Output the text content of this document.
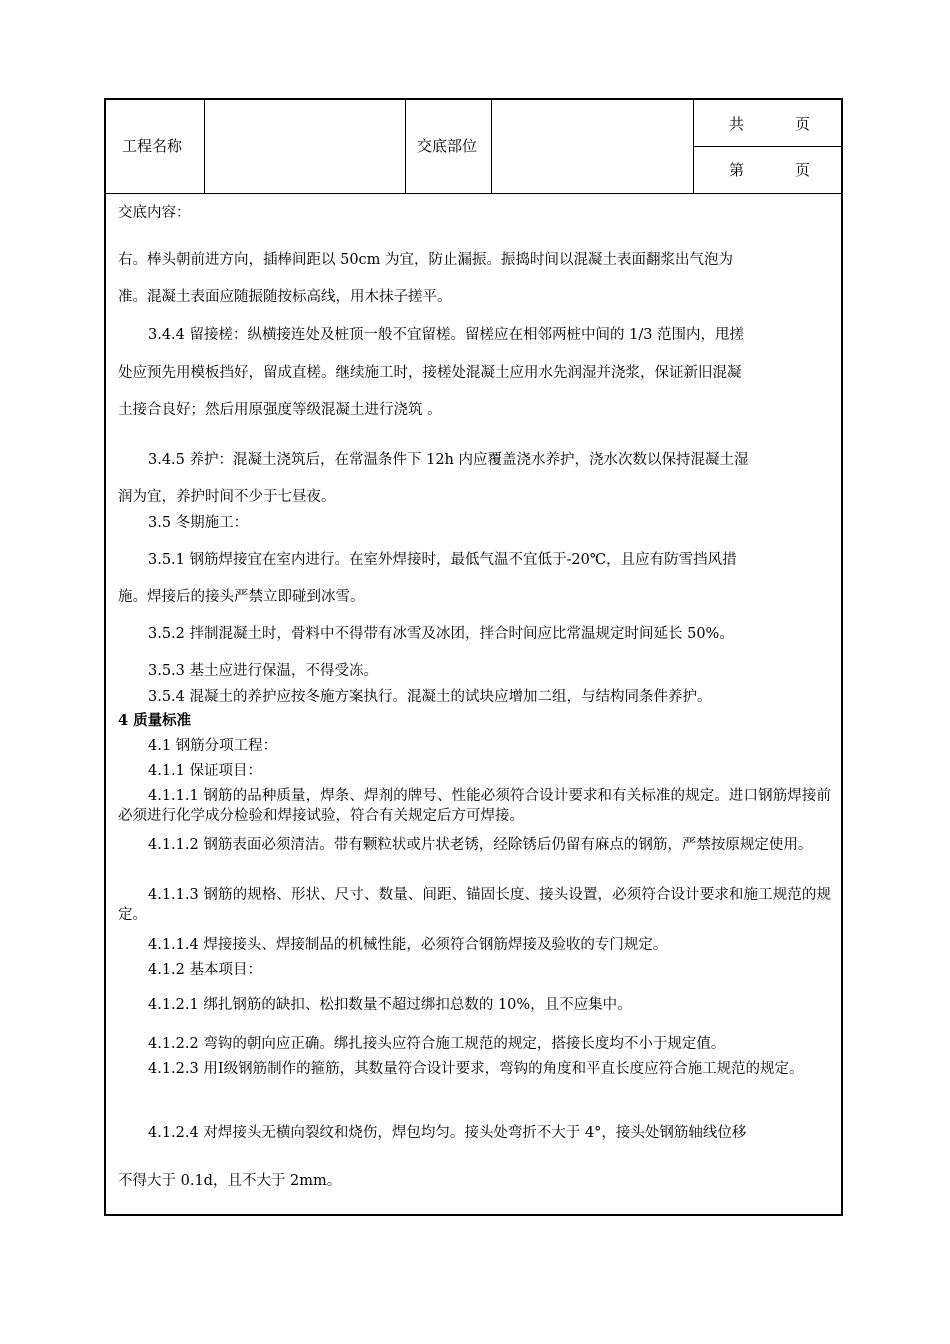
工程名称	交底部位
共	页
第	页

交底内容：

右。棒头朝前进方向，插棒间距以 50cm 为宜，防止漏振。振捣时间以混凝土表面翻浆出气泡为

准。混凝土表面应随振随按标高线，用木抹子搓平。

3.4.4 留接槎：纵横接连处及桩顶一般不宜留槎。留槎应在相邻两桩中间的 1/3 范围内，甩搓

处应预先用模板挡好，留成直槎。继续施工时，接槎处混凝土应用水先润湿并浇浆，保证新旧混凝

土接合良好；然后用原强度等级混凝土进行浇筑 。

3.4.5 养护：混凝土浇筑后，在常温条件下 12h 内应覆盖浇水养护，浇水次数以保持混凝土湿

润为宜，养护时间不少于七昼夜。

3.5 冬期施工：

3.5.1 钢筋焊接宜在室内进行。在室外焊接时，最低气温不宜低于-20℃，且应有防雪挡风措

施。焊接后的接头严禁立即碰到冰雪。

3.5.2 拌制混凝土时，骨料中不得带有冰雪及冰团，拌合时间应比常温规定时间延长 50%。

3.5.3 基土应进行保温，不得受冻。

3.5.4 混凝土的养护应按冬施方案执行。混凝土的试块应增加二组，与结构同条件养护。

4 质量标准

4.1 钢筋分项工程：

4.1.1 保证项目：

4.1.1.1 钢筋的品种质量，焊条、焊剂的牌号、性能必须符合设计要求和有关标准的规定。进口钢筋焊接前必须进行化学成分检验和焊接试验，符合有关规定后方可焊接。

4.1.1.2 钢筋表面必须清洁。带有颗粒状或片状老锈，经除锈后仍留有麻点的钢筋，严禁按原规定使用。

4.1.1.3 钢筋的规格、形状、尺寸、数量、间距、锚固长度、接头设置，必须符合设计要求和施工规范的规定。

4.1.1.4 焊接接头、焊接制品的机械性能，必须符合钢筋焊接及验收的专门规定。

4.1.2 基本项目：

4.1.2.1 绑扎钢筋的缺扣、松扣数量不超过绑扣总数的 10%，且不应集中。

4.1.2.2 弯钩的朝向应正确。绑扎接头应符合施工规范的规定，搭接长度均不小于规定值。

4.1.2.3 用Ⅰ级钢筋制作的箍筋，其数量符合设计要求，弯钩的角度和平直长度应符合施工规范的规定。

4.1.2.4 对焊接头无横向裂纹和烧伤，焊包均匀。接头处弯折不大于 4°，接头处钢筋轴线位移

不得大于 0.1d，且不大于 2mm。
